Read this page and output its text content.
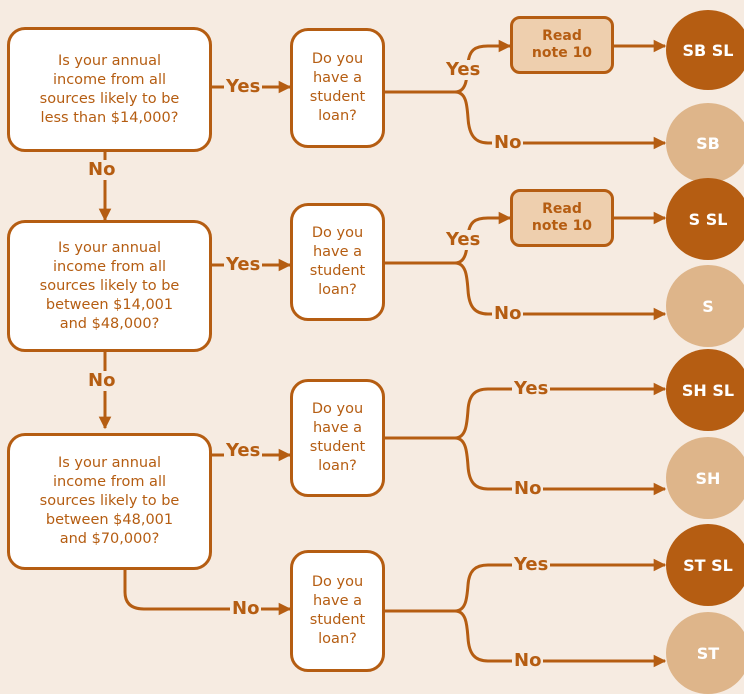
Is your annual
income from all
sources likely to be
less than $14,000?
Is your annual
income from all
sources likely to be
between $14,001
and $48,000?
Is your annual
income from all
sources likely to be
between $48,001
and $70,000?
Do you
have a
student
loan?
Do you
have a
student
loan?
Do you
have a
student
loan?
Do you
have a
student
loan?
Read
note 10
Read
note 10
SB SL
SB
S SL
S
SH SL
SH
ST SL
ST
Yes
No
Yes
No
Yes
No
Yes
No
Yes
Yes
No
No
Yes
No
